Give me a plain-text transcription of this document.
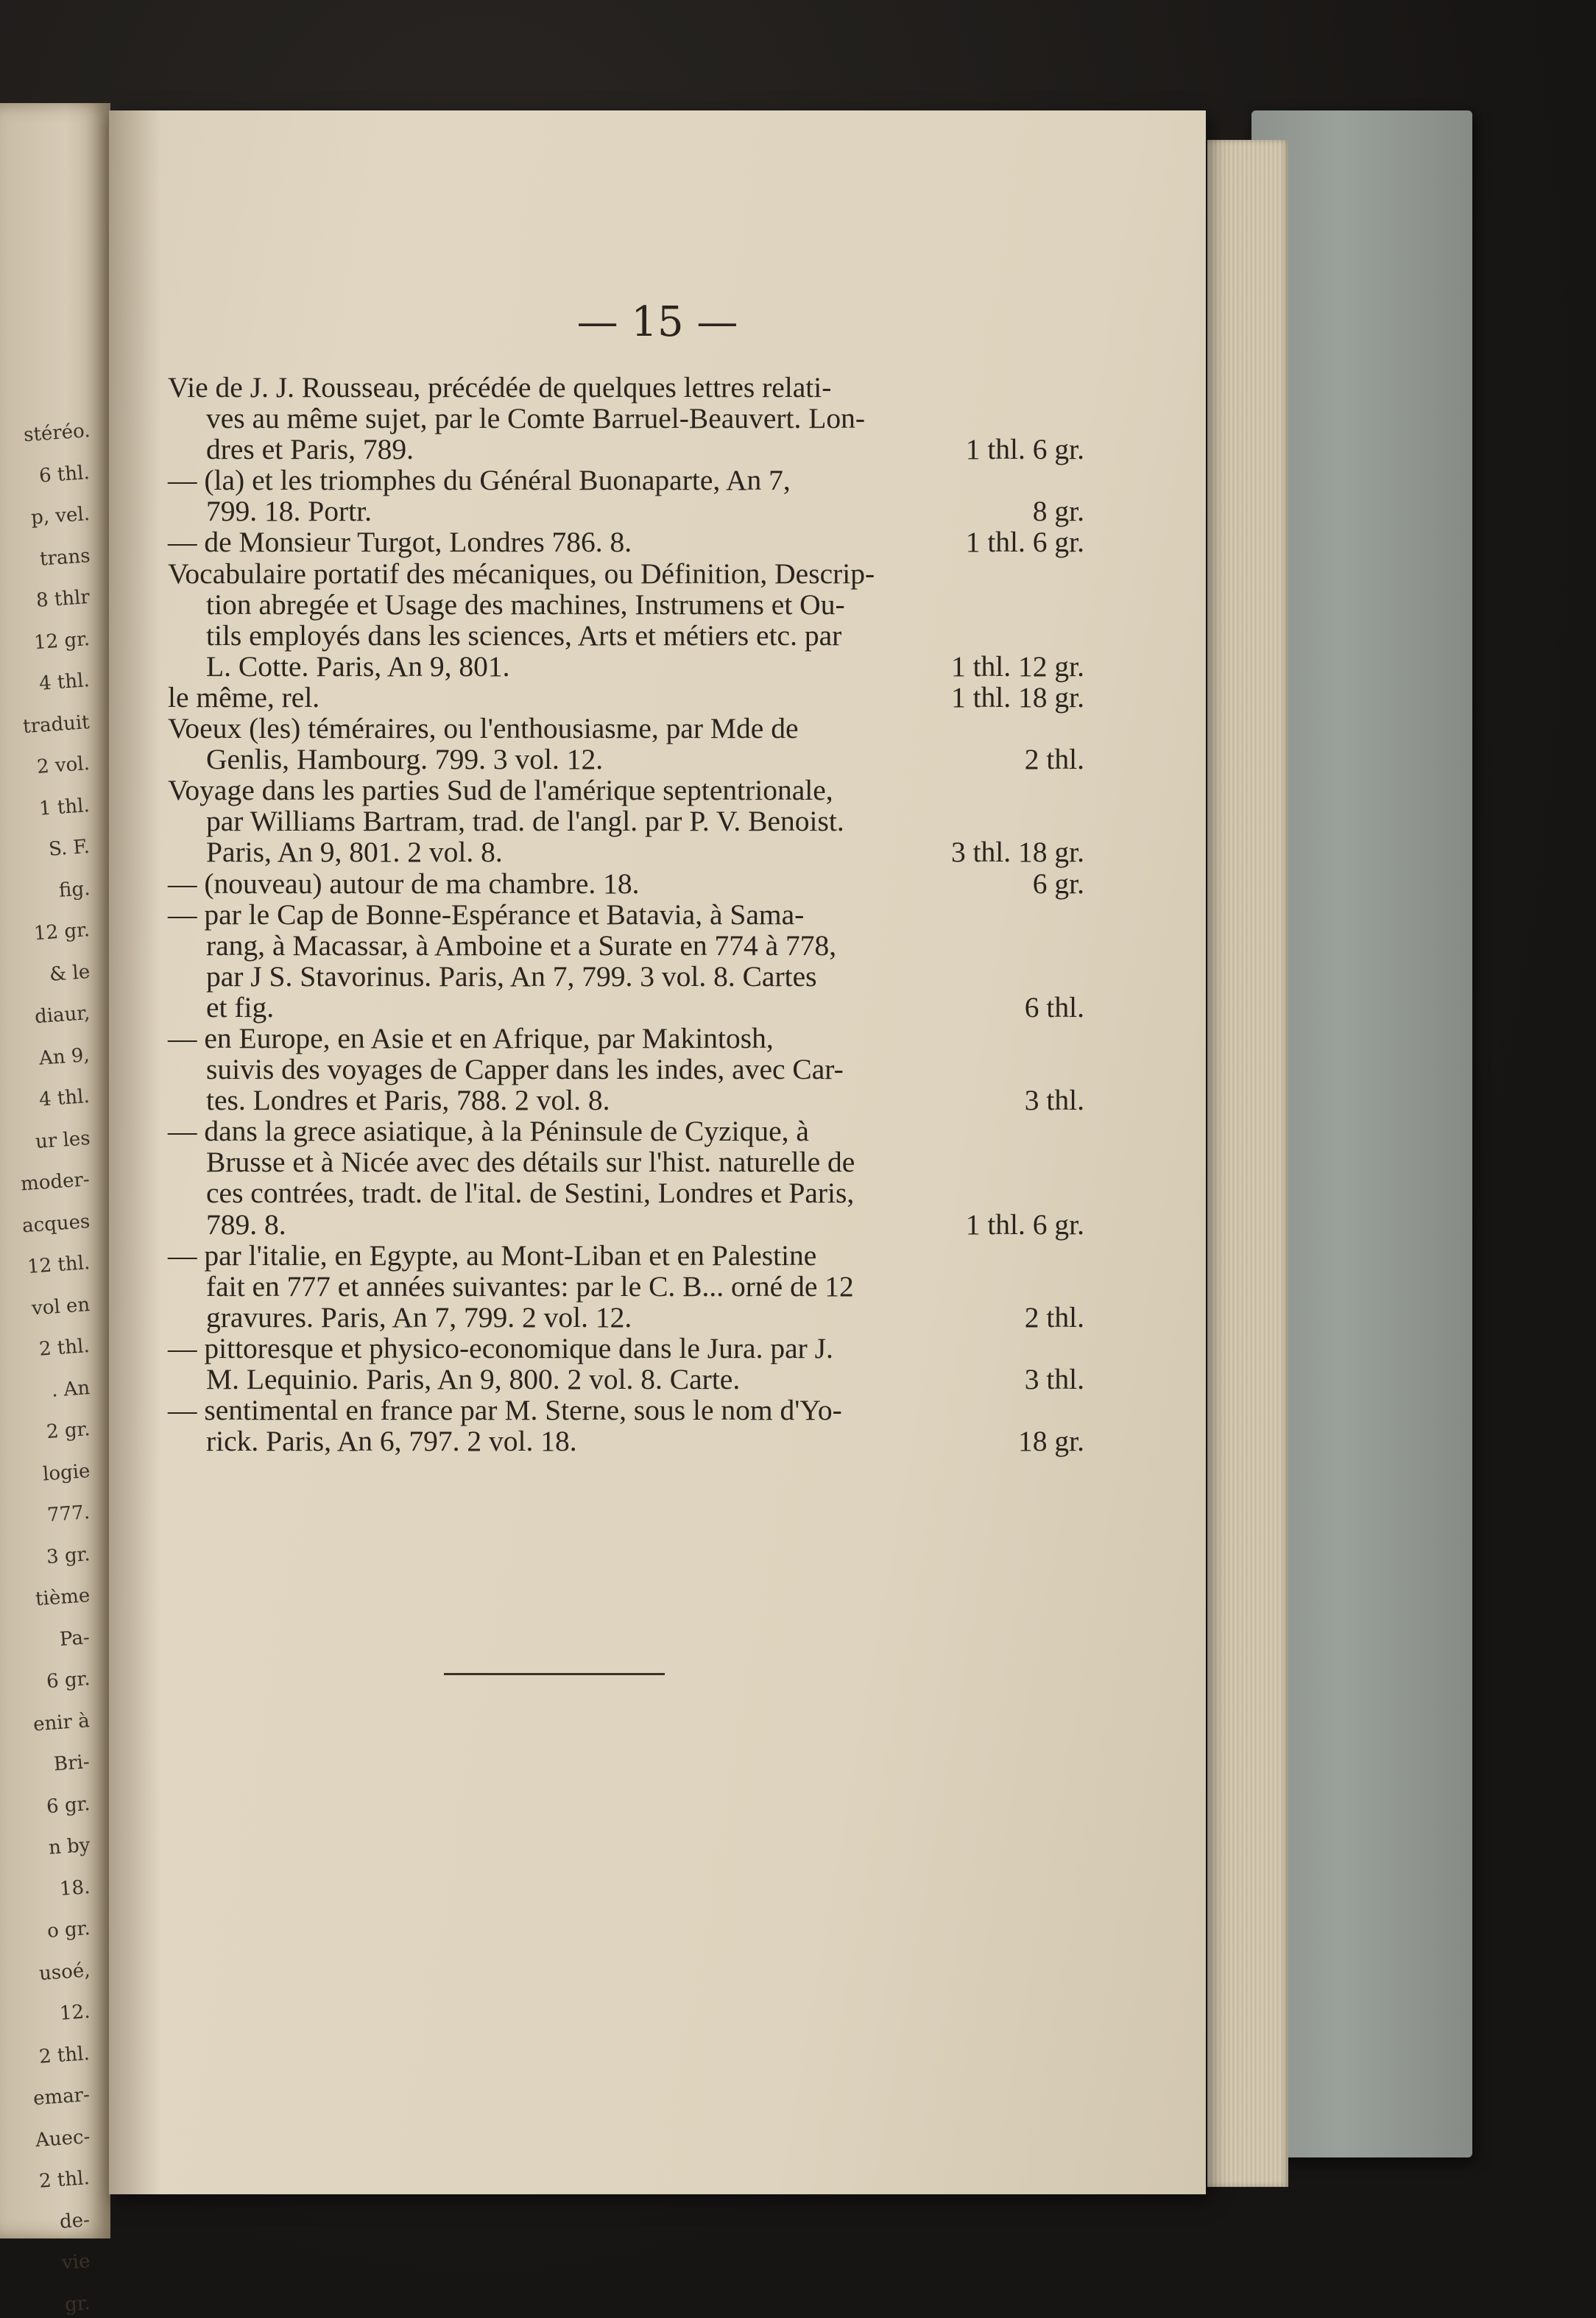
stéréo.
6 thl.
p, vel.
trans
8 thlr
12 gr.
4 thl.
traduit
2 vol.
1 thl.
S. F.
fig.
12 gr.
& le
diaur,
An 9,
4 thl.
ur les
moder-
acques
12 thl.
vol en
2 thl.
. An
2 gr.
logie
777.
3 gr.
tième
Pa-
6 gr.
enir à
Bri-
6 gr.
n by
18.
o gr.
usoé,
12.
2 thl.
emar-
Auec-
2 thl.
de-
vie
gr.
— 15 —
Vie de J. J. Rousseau, précédée de quelques lettres relati-
ves au même sujet, par le Comte Barruel-Beauvert. Lon-
dres et Paris, 789.	1 thl. 6 gr.
— (la) et les triomphes du Général Buonaparte, An 7,
799. 18. Portr.	8 gr.
— de Monsieur Turgot, Londres 786. 8.	1 thl. 6 gr.
Vocabulaire portatif des mécaniques, ou Définition, Descrip-
tion abregée et Usage des machines, Instrumens et Ou-
tils employés dans les sciences, Arts et métiers etc. par
L. Cotte. Paris, An 9, 801.	1 thl. 12 gr.
le même, rel.	1 thl. 18 gr.
Voeux (les) téméraires, ou l'enthousiasme, par Mde de
Genlis, Hambourg. 799. 3 vol. 12.	2 thl.
Voyage dans les parties Sud de l'amérique septentrionale,
par Williams Bartram, trad. de l'angl. par P. V. Benoist.
Paris, An 9, 801. 2 vol. 8.	3 thl. 18 gr.
— (nouveau) autour de ma chambre. 18.	6 gr.
— par le Cap de Bonne-Espérance et Batavia, à Sama-
rang, à Macassar, à Amboine et a Surate en 774 à 778,
par J S. Stavorinus. Paris, An 7, 799. 3 vol. 8. Cartes
et fig.	6 thl.
— en Europe, en Asie et en Afrique, par Makintosh,
suivis des voyages de Capper dans les indes, avec Car-
tes. Londres et Paris, 788. 2 vol. 8.	3 thl.
— dans la grece asiatique, à la Péninsule de Cyzique, à
Brusse et à Nicée avec des détails sur l'hist. naturelle de
ces contrées, tradt. de l'ital. de Sestini, Londres et Paris,
789. 8.	1 thl. 6 gr.
— par l'italie, en Egypte, au Mont-Liban et en Palestine
fait en 777 et années suivantes: par le C. B... orné de 12
gravures. Paris, An 7, 799. 2 vol. 12.	2 thl.
— pittoresque et physico-economique dans le Jura. par J.
M. Lequinio. Paris, An 9, 800. 2 vol. 8. Carte.	3 thl.
— sentimental en france par M. Sterne, sous le nom d'Yo-
rick. Paris, An 6, 797. 2 vol. 18.	18 gr.
